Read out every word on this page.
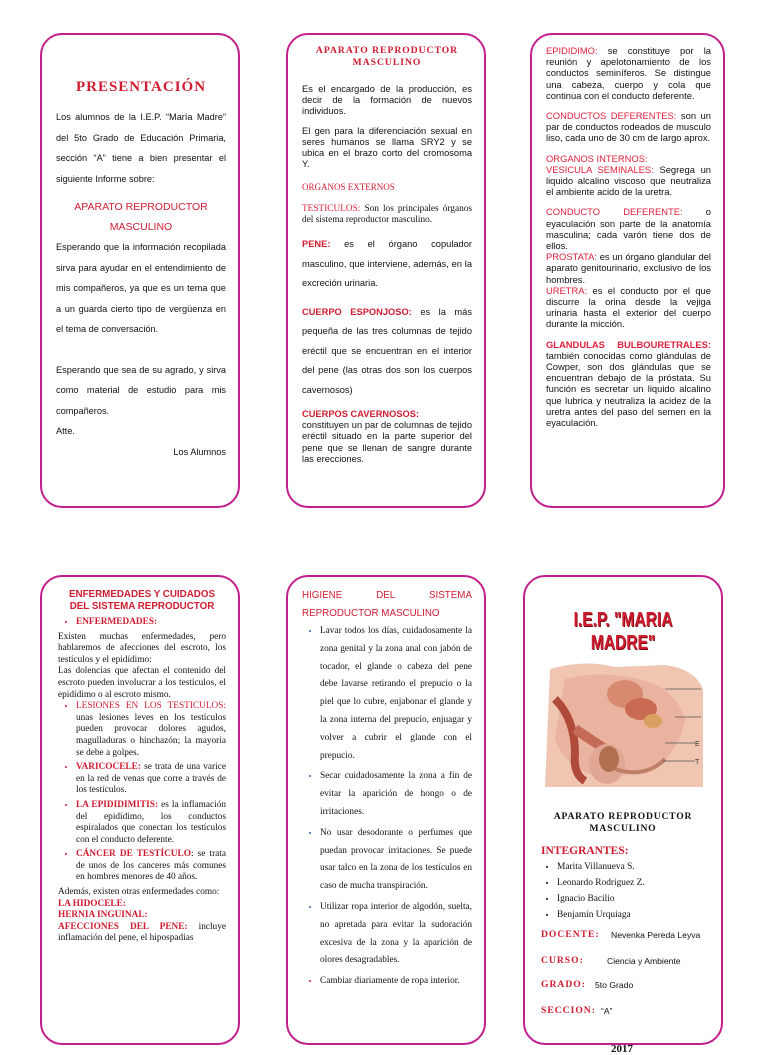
PRESENTACIÓN

Los alumnos de la I.E.P. “María Madre” del 5to Grado de Educación Primaria, sección “A” tiene a bien presentar el siguiente Informe sobre:

APARATO REPRODUCTOR MASCULINO

Esperando que la información recopilada sirva para ayudar en el entendimiento de mis compañeros, ya que es un tema que a un guarda cierto tipo de vergüenza en el tema de conversación.

Esperando que sea de su agrado, y sirva como material de estudio para mis compañeros.

Atte.

Los Alumnos

APARATO REPRODUCTOR MASCULINO

Es el encargado de la producción, es decir de la formación de nuevos individuos.

El gen para la diferenciación sexual en seres humanos se llama SRY2 y se ubica en el brazo corto del cromosoma Y.

ORGANOS EXTERNOS

TESTICULOS: Son los principales órganos del sistema reproductor masculino.

PENE: es el órgano copulador masculino, que interviene, además, en la excreción urinaria.

CUERPO ESPONJOSO: es la más pequeña de las tres columnas de tejido eréctil que se encuentran en el interior del pene (las otras dos son los cuerpos cavernosos)

CUERPOS CAVERNOSOS:
constituyen un par de columnas de tejido eréctil situado en la parte superior del pene que se llenan de sangre durante las erecciones.

EPIDIDIMO: se constituye por la reunión y apelotonamiento de los conductos seminíferos. Se distingue una cabeza, cuerpo y cola que continua con el conducto deferente.

CONDUCTOS DEFERENTES: son un par de conductos rodeados de musculo liso, cada uno de 30 cm de largo aprox.

ORGANOS INTERNOS:

VESICULA SEMINALES: Segrega un liquido alcalino viscoso que neutraliza el ambiente acido de la uretra.

CONDUCTO DEFERENTE: o eyaculación son parte de la anatomía masculina; cada varón tiene dos de ellos.

PROSTATA: es un órgano glandular del aparato genitourinario, exclusivo de los hombres.

URETRA: es el conducto por el que discurre la orina desde la vejiga urinaria hasta el exterior del cuerpo durante la micción.

GLANDULAS BULBOURETRALES: también conocidas como glándulas de Cowper, son dos glándulas que se encuentran debajo de la próstata. Su función es secretar un liquido alcalino que lubrica y neutraliza la acidez de la uretra antes del paso del semen en la eyaculación.

ENFERMEDADES Y CUIDADOS DEL SISTEMA REPRODUCTOR
• ENFERMEDADES:

Existen muchas enfermedades, pero hablaremos de afecciones del escroto, los testículos y el epidídimo:

Las dolencias que afectan el contenido del escroto pueden involucrar a los testículos, el epidídimo o al escroto mismo.

• LESIONES EN LOS TESTICULOS: unas lesiones leves en los testículos pueden provocar dolores agudos, magulladuras o hinchazón; la mayoría se debe a golpes.
• VARICOCELE: se trata de una varice en la red de venas que corre a través de los testículos.
• LA EPIDIDIMITIS: es la inflamación del epidídimo, los conductos espiralados que conectan los testículos con el conducto deferente.
• CÁNCER DE TESTÍCULO: se trata de unos de los canceres más comunes en hombres menores de 40 años.

Además, existen otras enfermedades como:

LA HIDOCELE:

HERNIA INGUINAL:

AFECCIONES DEL PENE: incluye inflamación del pene, el hipospadias

HIGIENE	DEL	SISTEMA
REPRODUCTOR MASCULINO
• Lavar todos los días, cuidadosamente la zona genital y la zona anal con jabón de tocador, el glande o cabeza del pene debe lavarse retirando el prepucio o la piel que lo cubre, enjabonar el glande y la zona interna del prepucio, enjuagar y volver a cubrir el glande con el prepucio.
• Secar cuidadosamente la zona a fin de evitar la aparición de hongo o de irritaciones.
• No usar desodorante o perfumes que puedan provocar irritaciones. Se puede usar talco en la zona de los testículos en caso de mucha transpiración.
• Utilizar ropa interior de algodón, suelta, no apretada para evitar la sudoración excesiva de la zona y la aparición de olores desagradables.
• Cambiar diariamente de ropa interior.
I.E.P. "MARIA MADRE"
E
T
APARATO REPRODUCTOR MASCULINO
INTEGRANTES:
• Marita Villanueva S.
• Leonardo Rodríguez Z.
• Ignacio Bacilio
• Benjamín Urquiaga
DOCENTE: Nevenka Pereda Leyva
CURSO:	Ciencia y Ambiente
GRADO: 5to Grado
SECCION: “A”
2017
